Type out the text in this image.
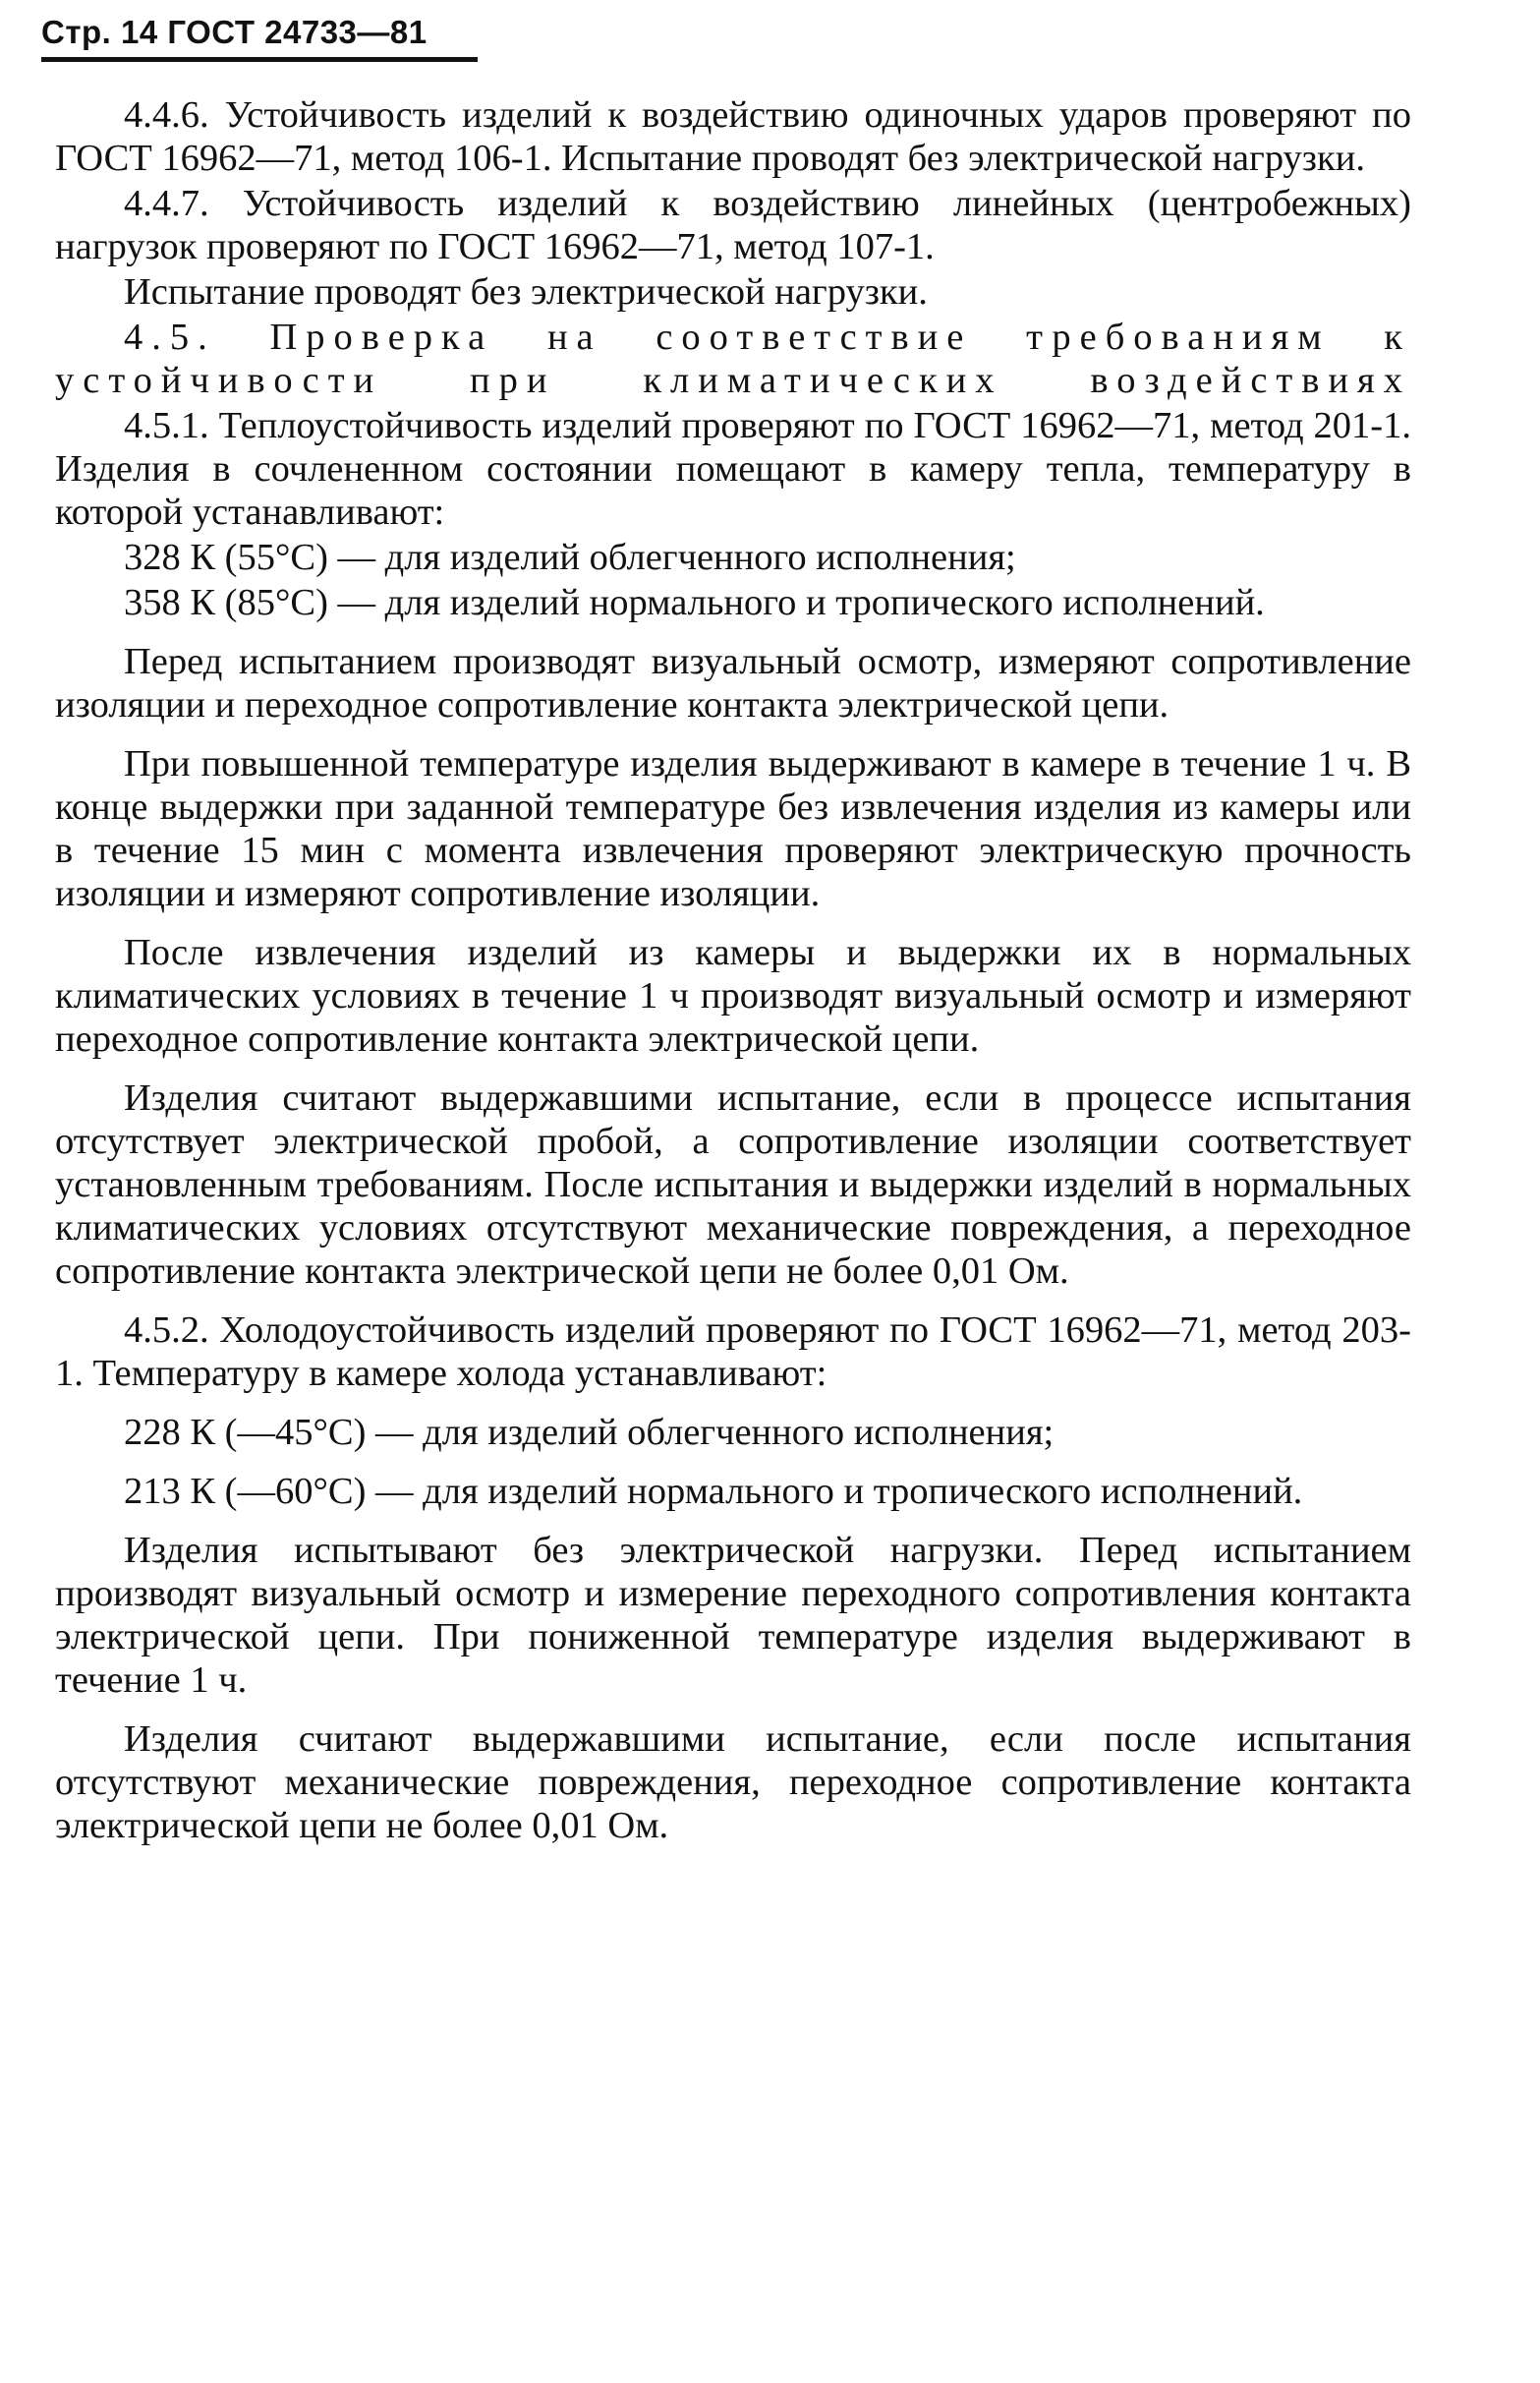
Стр. 14 ГОСТ 24733—81

4.4.6. Устойчивость изделий к воздействию одиночных ударов проверяют по ГОСТ 16962—71, метод 106-1. Испытание проводят без электрической нагрузки.

4.4.7. Устойчивость изделий к воздействию линейных (центробежных) нагрузок проверяют по ГОСТ 16962—71, метод 107-1.

Испытание проводят без электрической нагрузки.

4.5. Проверка на соответствие требованиям к устойчивости при климатических воздействиях

4.5.1. Теплоустойчивость изделий проверяют по ГОСТ 16962—71, метод 201-1. Изделия в сочлененном состоянии помещают в камеру тепла, температуру в которой устанавливают:

328 К (55°С) — для изделий облегченного исполнения;

358 К (85°С) — для изделий нормального и тропического исполнений.

Перед испытанием производят визуальный осмотр, измеряют сопротивление изоляции и переходное сопротивление контакта электрической цепи.

При повышенной температуре изделия выдерживают в камере в течение 1 ч. В конце выдержки при заданной температуре без извлечения изделия из камеры или в течение 15 мин с момента извлечения проверяют электрическую прочность изоляции и измеряют сопротивление изоляции.

После извлечения изделий из камеры и выдержки их в нормальных климатических условиях в течение 1 ч производят визуальный осмотр и измеряют переходное сопротивление контакта электрической цепи.

Изделия считают выдержавшими испытание, если в процессе испытания отсутствует электрической пробой, а сопротивление изоляции соответствует установленным требованиям. После испытания и выдержки изделий в нормальных климатических условиях отсутствуют механические повреждения, а переходное сопротивление контакта электрической цепи не более 0,01 Ом.

4.5.2. Холодоустойчивость изделий проверяют по ГОСТ 16962—71, метод 203-1. Температуру в камере холода устанавливают:

228 К (—45°С) — для изделий облегченного исполнения;

213 К (—60°С) — для изделий нормального и тропического исполнений.

Изделия испытывают без электрической нагрузки. Перед испытанием производят визуальный осмотр и измерение переходного сопротивления контакта электрической цепи. При пониженной температуре изделия выдерживают в течение 1 ч.

Изделия считают выдержавшими испытание, если после испытания отсутствуют механические повреждения, переходное сопротивление контакта электрической цепи не более 0,01 Ом.
